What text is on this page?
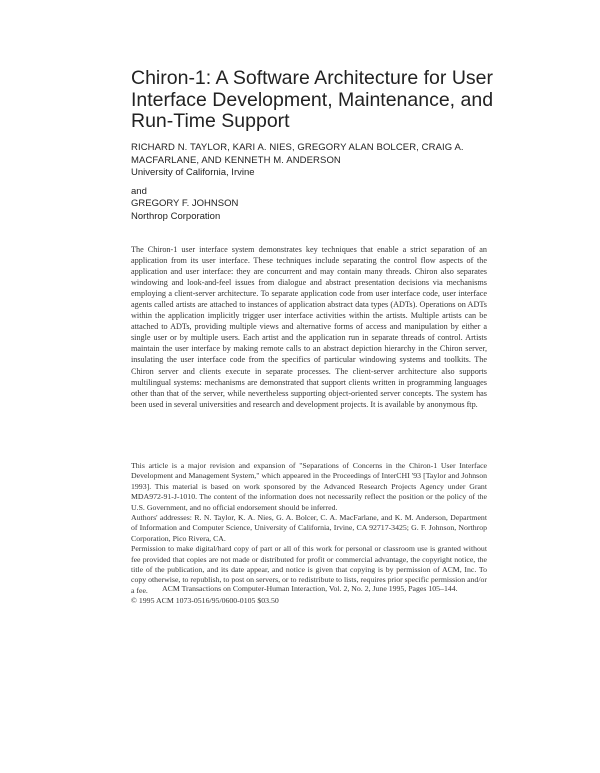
Chiron-1: A Software Architecture for User Interface Development, Maintenance, and Run-Time Support
RICHARD N. TAYLOR, KARI A. NIES, GREGORY ALAN BOLCER, CRAIG A. MACFARLANE, AND KENNETH M. ANDERSON
University of California, Irvine
and
GREGORY F. JOHNSON
Northrop Corporation
The Chiron-1 user interface system demonstrates key techniques that enable a strict separation of an application from its user interface. These techniques include separating the control flow aspects of the application and user interface: they are concurrent and may contain many threads. Chiron also separates windowing and look-and-feel issues from dialogue and abstract presentation decisions via mechanisms employing a client-server architecture. To separate application code from user interface code, user interface agents called artists are attached to instances of application abstract data types (ADTs). Operations on ADTs within the application implicitly trigger user interface activities within the artists. Multiple artists can be attached to ADTs, providing multiple views and alternative forms of access and manipulation by either a single user or by multiple users. Each artist and the application run in separate threads of control. Artists maintain the user interface by making remote calls to an abstract depiction hierarchy in the Chiron server, insulating the user interface code from the specifics of particular windowing systems and toolkits. The Chiron server and clients execute in separate processes. The client-server architecture also supports multilingual systems: mechanisms are demonstrated that support clients written in programming languages other than that of the server, while nevertheless supporting object-oriented server concepts. The system has been used in several universities and research and development projects. It is available by anonymous ftp.

This article is a major revision and expansion of "Separations of Concerns in the Chiron-1 User Interface Development and Management System," which appeared in the Proceedings of InterCHI '93 [Taylor and Johnson 1993]. This material is based on work sponsored by the Advanced Research Projects Agency under Grant MDA972-91-J-1010. The content of the information does not necessarily reflect the position or the policy of the U.S. Government, and no official endorsement should be inferred.

Authors' addresses: R. N. Taylor, K. A. Nies, G. A. Bolcer, C. A. MacFarlane, and K. M. Anderson, Department of Information and Computer Science, University of California, Irvine, CA 92717-3425; G. F. Johnson, Northrop Corporation, Pico Rivera, CA.

Permission to make digital/hard copy of part or all of this work for personal or classroom use is granted without fee provided that copies are not made or distributed for profit or commercial advantage, the copyright notice, the title of the publication, and its date appear, and notice is given that copying is by permission of ACM, Inc. To copy otherwise, to republish, to post on servers, or to redistribute to lists, requires prior specific permission and/or a fee.

© 1995 ACM 1073-0516/95/0600-0105 $03.50

ACM Transactions on Computer-Human Interaction, Vol. 2, No. 2, June 1995, Pages 105–144.
